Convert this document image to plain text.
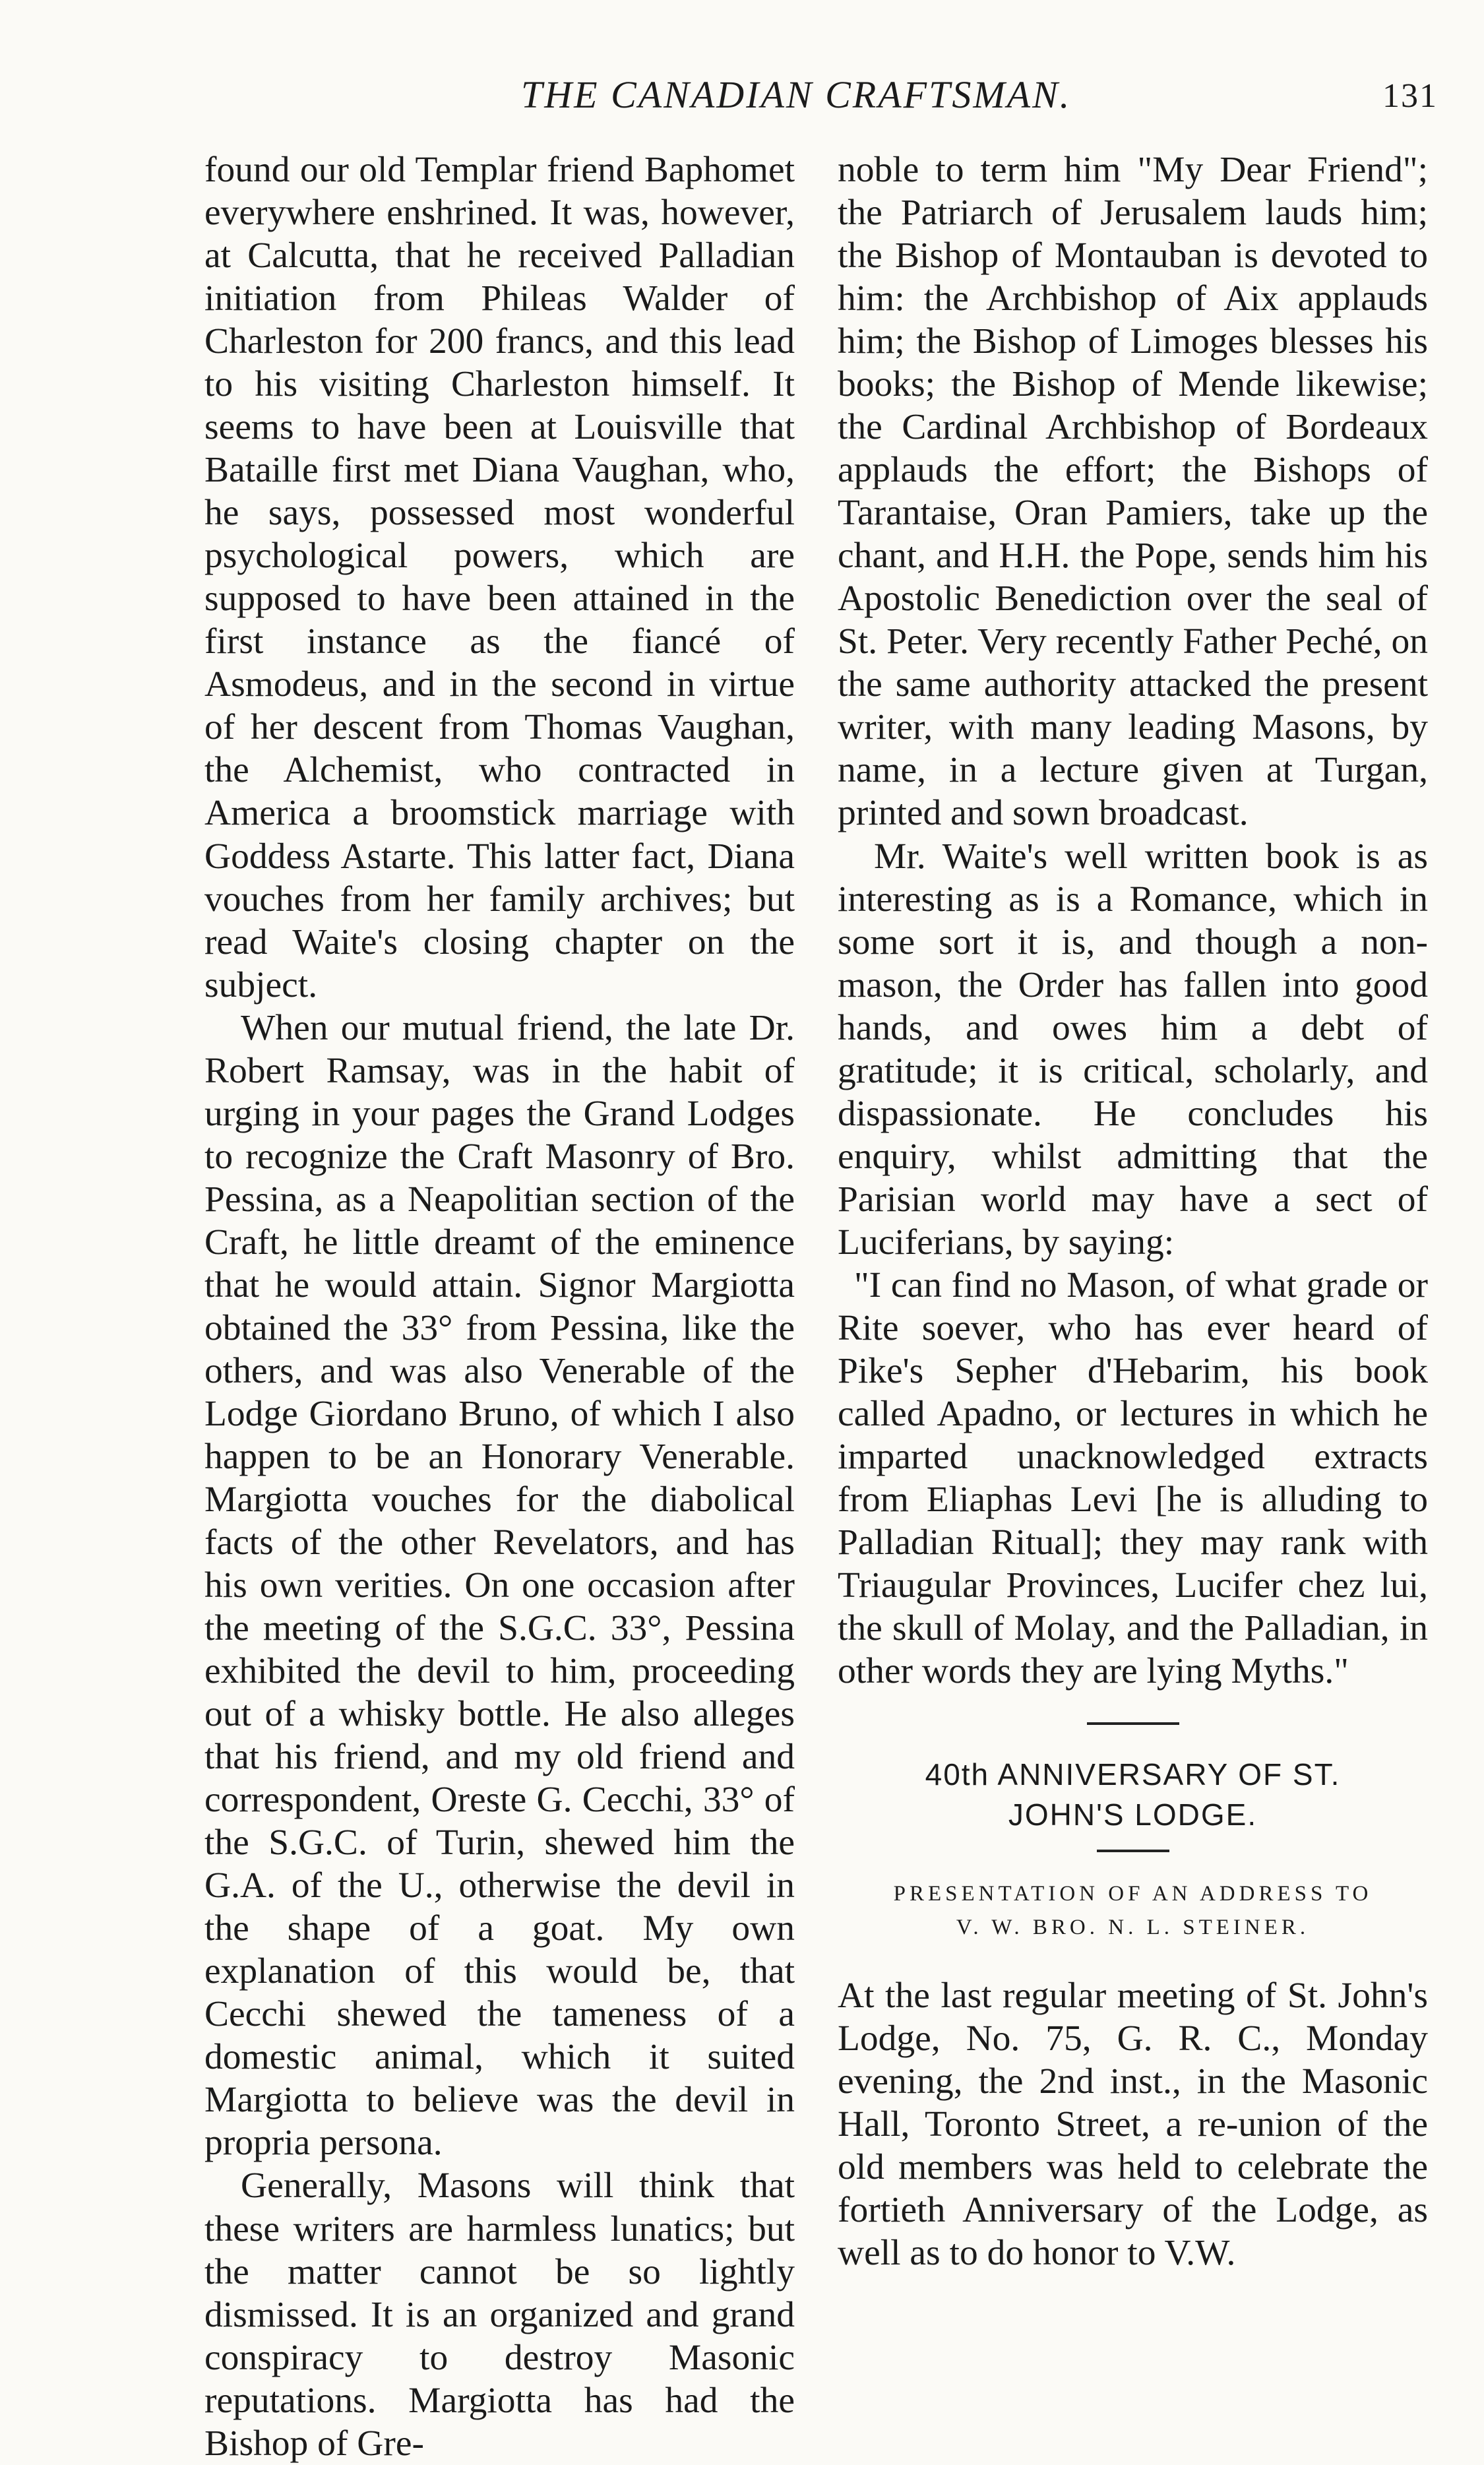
THE CANADIAN CRAFTSMAN.	131

found our old Templar friend Baphomet everywhere enshrined. It was, however, at Calcutta, that he received Palladian initiation from Phileas Walder of Charleston for 200 francs, and this lead to his visiting Charleston himself. It seems to have been at Louisville that Bataille first met Diana Vaughan, who, he says, possessed most wonderful psychological powers, which are supposed to have been attained in the first instance as the fiancé of Asmodeus, and in the second in virtue of her descent from Thomas Vaughan, the Alchemist, who contracted in America a broomstick marriage with Goddess Astarte. This latter fact, Diana vouches from her family archives; but read Waite's closing chapter on the subject.

When our mutual friend, the late Dr. Robert Ramsay, was in the habit of urging in your pages the Grand Lodges to recognize the Craft Masonry of Bro. Pessina, as a Neapolitian section of the Craft, he little dreamt of the eminence that he would attain. Signor Margiotta obtained the 33° from Pessina, like the others, and was also Venerable of the Lodge Giordano Bruno, of which I also happen to be an Honorary Venerable. Margiotta vouches for the diabolical facts of the other Revelators, and has his own verities. On one occasion after the meeting of the S.G.C. 33°, Pessina exhibited the devil to him, proceeding out of a whisky bottle. He also alleges that his friend, and my old friend and correspondent, Oreste G. Cecchi, 33° of the S.G.C. of Turin, shewed him the G.A. of the U., otherwise the devil in the shape of a goat. My own explanation of this would be, that Cecchi shewed the tameness of a domestic animal, which it suited Margiotta to believe was the devil in propria persona.

Generally, Masons will think that these writers are harmless lunatics; but the matter cannot be so lightly dismissed. It is an organized and grand conspiracy to destroy Masonic reputations. Margiotta has had the Bishop of Gre-

noble to term him "My Dear Friend"; the Patriarch of Jerusalem lauds him; the Bishop of Montauban is devoted to him: the Archbishop of Aix applauds him; the Bishop of Limoges blesses his books; the Bishop of Mende likewise; the Cardinal Archbishop of Bordeaux applauds the effort; the Bishops of Tarantaise, Oran Pamiers, take up the chant, and H.H. the Pope, sends him his Apostolic Benediction over the seal of St. Peter. Very recently Father Peché, on the same authority attacked the present writer, with many leading Masons, by name, in a lecture given at Turgan, printed and sown broadcast.

Mr. Waite's well written book is as interesting as is a Romance, which in some sort it is, and though a non-mason, the Order has fallen into good hands, and owes him a debt of gratitude; it is critical, scholarly, and dispassionate. He concludes his enquiry, whilst admitting that the Parisian world may have a sect of Luciferians, by saying:

"I can find no Mason, of what grade or Rite soever, who has ever heard of Pike's Sepher d'Hebarim, his book called Apadno, or lectures in which he imparted unacknowledged extracts from Eliaphas Levi [he is alluding to Palladian Ritual]; they may rank with Triaugular Provinces, Lucifer chez lui, the skull of Molay, and the Palladian, in other words they are lying Myths."

40th ANNIVERSARY OF ST.
JOHN'S LODGE.
PRESENTATION OF AN ADDRESS TO
V. W. BRO. N. L. STEINER.

At the last regular meeting of St. John's Lodge, No. 75, G. R. C., Monday evening, the 2nd inst., in the Masonic Hall, Toronto Street, a re-union of the old members was held to celebrate the fortieth Anniversary of the Lodge, as well as to do honor to V.W.
